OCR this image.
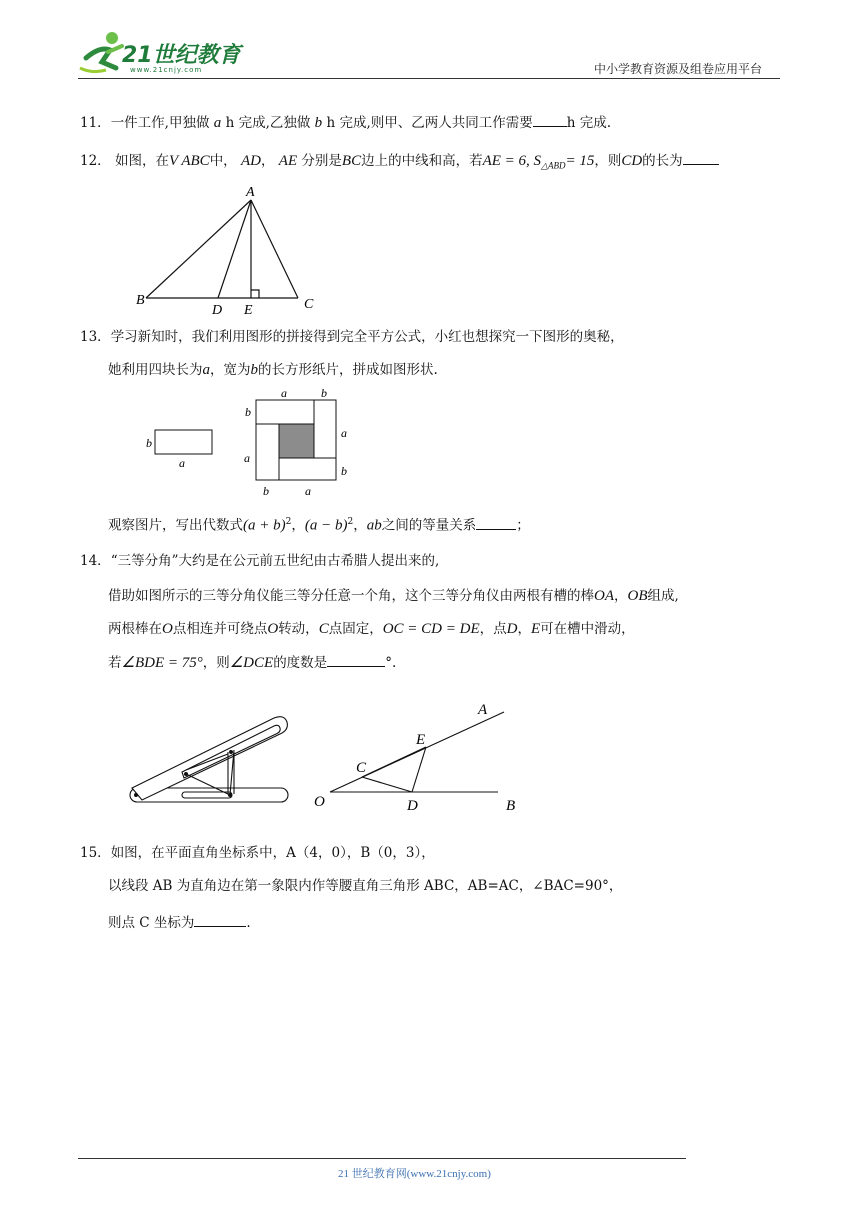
21世纪教育
www.21cnjy.com	中小学教育资源及组卷应用平台
11．一件工作,甲独做 a h 完成,乙独做 b h 完成,则甲、乙两人共同工作需要	h 完成.
12． 如图，在V ABC中， AD， AE 分别是BC边上的中线和高，若AE = 6, $S_{\triangle ABD}= 15$，则CD的长为
A
B	C
D E
13．学习新知时，我们利用图形的拼接得到完全平方公式，小红也想探究一下图形的奥秘，
她利用四块长为a，宽为b的长方形纸片，拼成如图形状.
b
a
a	b
b
a
a
b
b	a
观察图片，写出代数式$(a + b)^2$，$(a - b)^2$，ab之间的等量关系	；
14．“三等分角”大约是在公元前五世纪由古希腊人提出来的,
借助如图所示的三等分角仪能三等分任意一个角，这个三等分角仪由两根有槽的棒OA，OB组成,
两根棒在O点相连并可绕点O转动，C点固定，OC = CD = DE，点D，E可在槽中滑动，
若∠BDE = 75°，则∠DCE的度数是	°.
A
B
C
D
E
O
15．如图，在平面直角坐标系中，A（4，0），B（0，3），
以线段 AB 为直角边在第一象限内作等腰直角三角形 ABC，AB=AC，∠BAC=90°，
则点 C 坐标为	.
21 世纪教育网(www.21cnjy.com)
